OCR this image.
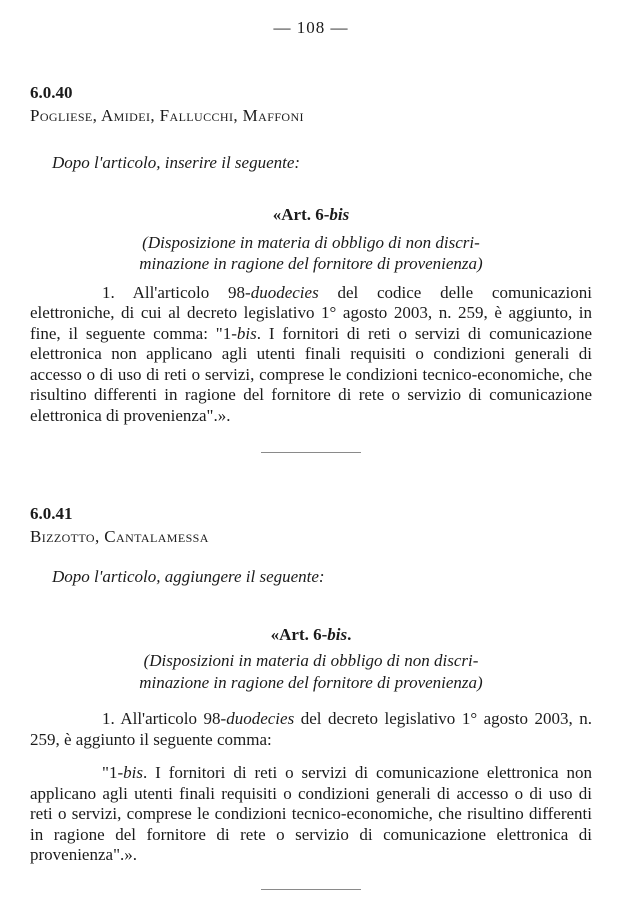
— 108 —
6.0.40
Pogliese, Amidei, Fallucchi, Maffoni
Dopo l'articolo, inserire il seguente:
«Art. 6-bis
(Disposizione in materia di obbligo di non discri-
minazione in ragione del fornitore di provenienza)
1. All'articolo 98-duodecies del codice delle comunicazioni elettroniche, di cui al decreto legislativo 1° agosto 2003, n. 259, è aggiunto, in fine, il seguente comma: "1-bis. I fornitori di reti o servizi di comunicazione elettronica non applicano agli utenti finali requisiti o condizioni generali di accesso o di uso di reti o servizi, comprese le condizioni tecnico-economiche, che risultino differenti in ragione del fornitore di rete o servizio di comunicazione elettronica di provenienza".».
6.0.41
Bizzotto, Cantalamessa
Dopo l'articolo, aggiungere il seguente:
«Art. 6-bis.
(Disposizioni in materia di obbligo di non discri-
minazione in ragione del fornitore di provenienza)
1. All'articolo 98-duodecies del decreto legislativo 1° agosto 2003, n. 259, è aggiunto il seguente comma:
"1-bis. I fornitori di reti o servizi di comunicazione elettronica non applicano agli utenti finali requisiti o condizioni generali di accesso o di uso di reti o servizi, comprese le condizioni tecnico-economiche, che risultino differenti in ragione del fornitore di rete o servizio di comunicazione elettronica di provenienza".».
